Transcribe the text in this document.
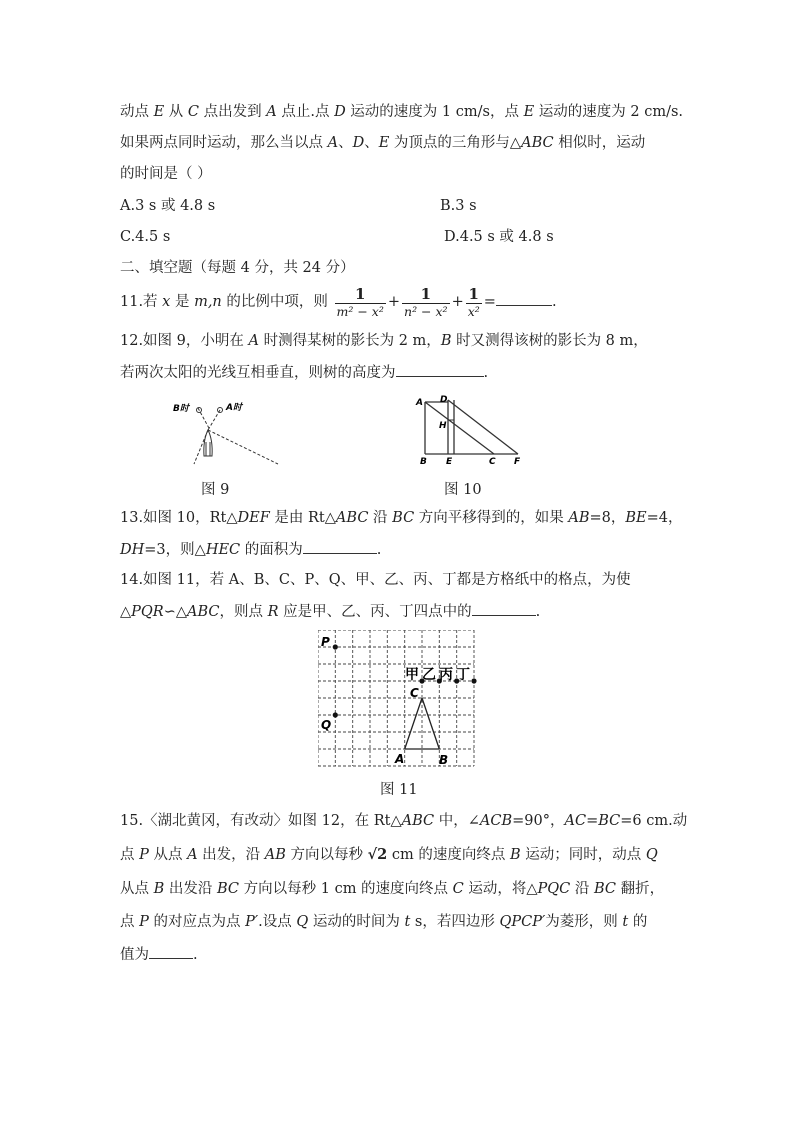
动点 E 从 C 点出发到 A 点止.点 D 运动的速度为 1 cm/s，点 E 运动的速度为 2 cm/s.
如果两点同时运动，那么当以点 A、D、E 为顶点的三角形与△ABC 相似时，运动
的时间是（ ）
A.3 s 或 4.8 s	B.3 s
C.4.5 s	D.4.5 s 或 4.8 s
二、填空题（每题 4 分，共 24 分）
11.若 x 是 m,n 的比例中项，则 $\frac{1}{\text{m² − x²}} + \frac{1}{\text{n² − x²}} + \frac{1}{\text{x²}}$ =	.
12.如图 9，小明在 A 时测得某树的影长为 2 m，B 时又测得该树的影长为 8 m，
若两次太阳的光线互相垂直，则树的高度为	.
B时	A时
图 9
A D
H
B E	C F
图 10
13.如图 10，Rt△DEF 是由 Rt△ABC 沿 BC 方向平移得到的，如果 AB=8，BE=4，
DH=3，则△HEC 的面积为	.
14.如图 11，若 A、B、C、P、Q、甲、乙、丙、丁都是方格纸中的格点，为使
△PQR∽△ABC，则点 R 应是甲、乙、丙、丁四点中的	.
P
Q
C
A	B
甲 乙 丙 丁
图 11
15.〈湖北黄冈，有改动〉如图 12，在 Rt△ABC 中，∠ACB=90°，AC=BC=6 cm.动
点 P 从点 A 出发，沿 AB 方向以每秒 √2 cm 的速度向终点 B 运动；同时，动点 Q
从点 B 出发沿 BC 方向以每秒 1 cm 的速度向终点 C 运动，将△PQC 沿 BC 翻折，
点 P 的对应点为点 P′.设点 Q 运动的时间为 t s，若四边形 QPCP′为菱形，则 t 的
值为	.
